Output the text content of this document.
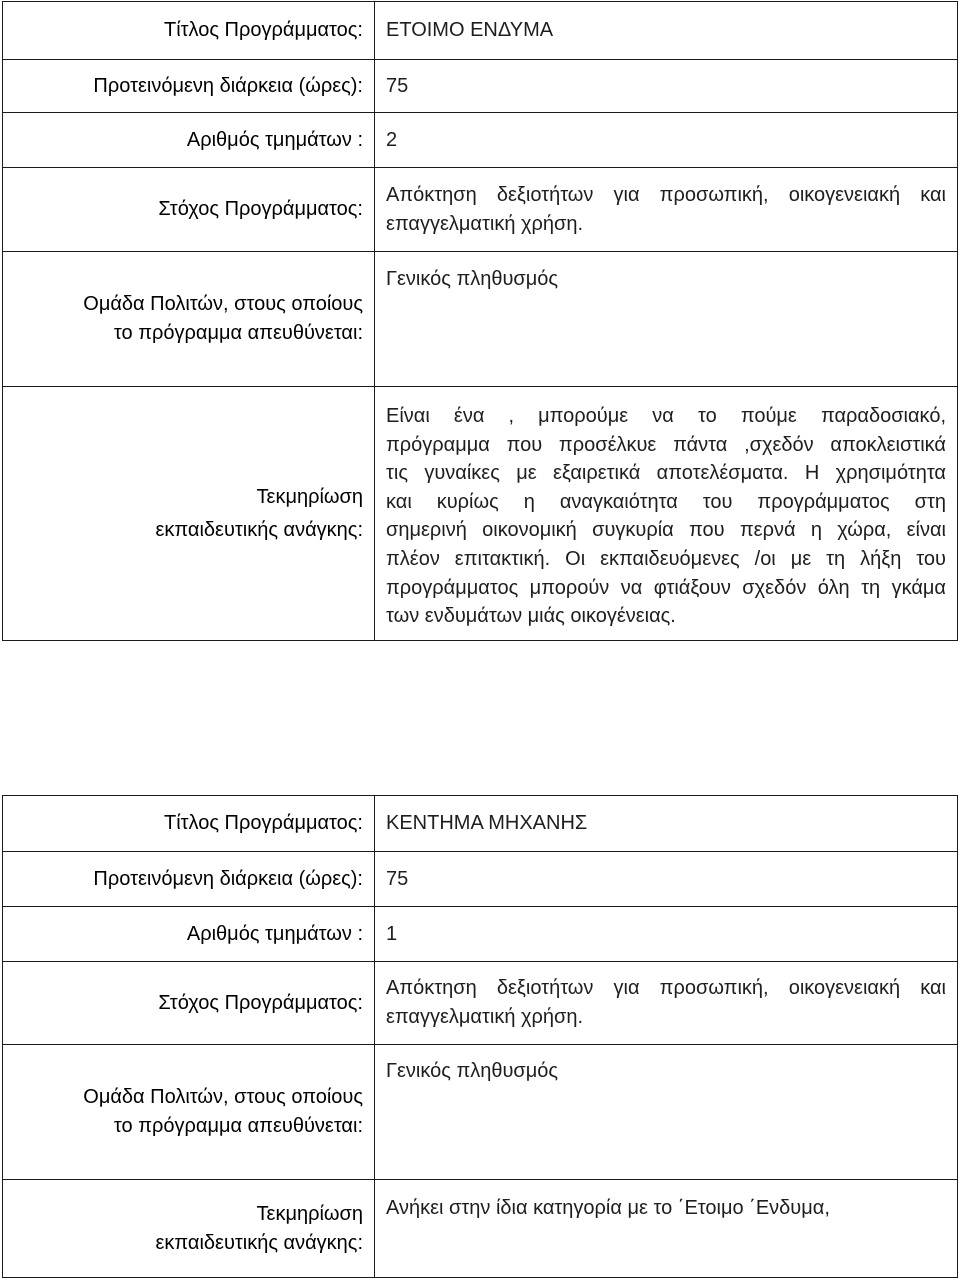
Τίτλος Προγράμματος: ΕΤΟΙΜΟ ΕΝΔΥΜΑ
Προτεινόμενη διάρκεια (ώρες): 75
Αριθμός τμημάτων : 2
Στόχος Προγράμματος:
Απόκτηση δεξιοτήτων για προσωπική, οικογενειακή και
επαγγελματική χρήση.
Ομάδα Πολιτών, στους οποίους
το πρόγραμμα απευθύνεται:
Γενικός πληθυσμός
Τεκμηρίωση
εκπαιδευτικής ανάγκης:
Είναι ένα , μπορούμε να το πούμε παραδοσιακό,
πρόγραμμα που προσέλκυε πάντα ,σχεδόν αποκλειστικά
τις γυναίκες με εξαιρετικά αποτελέσματα. Η χρησιμότητα
και κυρίως η αναγκαιότητα του προγράμματος στη
σημερινή οικονομική συγκυρία που περνά η χώρα, είναι
πλέον επιτακτική. Οι εκπαιδευόμενες /οι με τη λήξη του
προγράμματος μπορούν να φτιάξουν σχεδόν όλη τη γκάμα
των ενδυμάτων μιάς οικογένειας.
Τίτλος Προγράμματος: ΚΕΝΤΗΜΑ ΜΗΧΑΝΗΣ
Προτεινόμενη διάρκεια (ώρες): 75
Αριθμός τμημάτων : 1
Στόχος Προγράμματος:
Απόκτηση δεξιοτήτων για προσωπική, οικογενειακή και
επαγγελματική χρήση.
Ομάδα Πολιτών, στους οποίους
το πρόγραμμα απευθύνεται:
Γενικός πληθυσμός
Τεκμηρίωση
εκπαιδευτικής ανάγκης:
Ανήκει στην ίδια κατηγορία με το ΄Ετοιμο ΄Ενδυμα,
